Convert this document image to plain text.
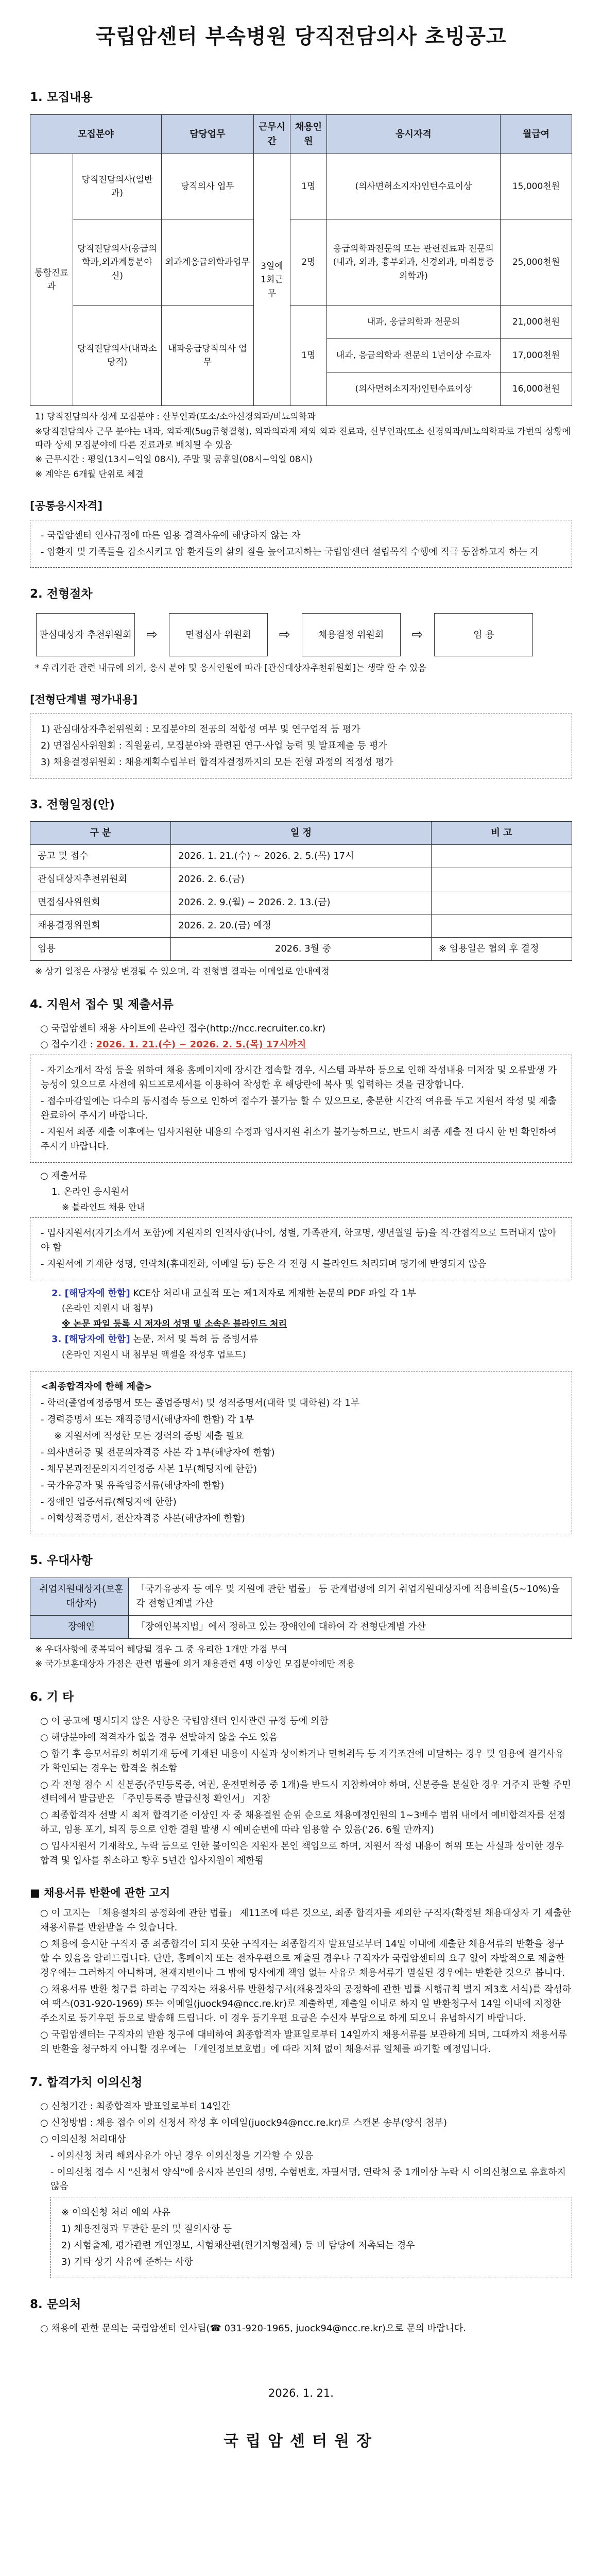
국립암센터 부속병원 당직전담의사 초빙공고
1. 모집내용
모집분야		담당업무	근무시간	채용인원	응시자격	월급여
통합진료과	당직전담의사(일반과)	당직의사 업무	3일에 1회근무	1명	(의사면허소지자)인턴수료이상	15,000천원
	당직전담의사(응급의학과,외과계통분야 신)	외과계응급의학과업무		2명	응급의학과전문의 또는 관련진료과 전문의(내과, 외과, 흉부외과, 신경외과, 마취통증의학과)	25,000천원
	당직전담의사(내과소당직)	내과응급당직의사 업무		1명	내과, 응급의학과 전문의	21,000천원
					내과, 응급의학과 전문의 1년이상 수료자	17,000천원
					(의사면허소지자)인턴수료이상	16,000천원
1) 당직전담의사 상세 모집분야 : 산부인과(또소/소아신경외과/비뇨의학과
※당직전담의사 근무 분야는 내과, 외과계(5ug류형결형), 외과의과계 제외 외과 진료과, 신부인과(또소 신경외과/비뇨의학과로 가번의 상황에 따라 상세 모집분야에 다른 진료과로 배치될 수 있음
※ 근무시간 : 평일(13시~익일 08시), 주말 및 공휴일(08시~익일 08시)
※ 계약은 6개월 단위로 체결
[공통응시자격]

- 국립암센터 인사규정에 따른 임용 결격사유에 해당하지 않는 자

- 암환자 및 가족들을 감소시키고 암 환자들의 삶의 질을 높이고자하는 국립암센터 설립목적 수행에 적극 동참하고자 하는 자

2. 전형절차
관심대상자 추천위원회 ⇨	면접심사 위원회	⇨	채용결정 위원회	⇨	임 용
* 우리기관 관련 내규에 의거, 응시 분야 및 응시인원에 따라 [관심대상자추천위원회]는 생략 할 수 있음
[전형단계별 평가내용]

1) 관심대상자추천위원회 : 모집분야의 전공의 적합성 여부 및 연구업적 등 평가

2) 면접심사위원회 : 직원윤리, 모집분야와 관련된 연구·사업 능력 및 발표제출 등 평가

3) 채용결정위원회 : 채용계획수립부터 합격자결정까지의 모든 전형 과정의 적정성 평가

3. 전형일정(안)
구 분	일 정	비 고
공고 및 접수	2026. 1. 21.(수) ~ 2026. 2. 5.(목) 17시	
관심대상자추천위원회	2026. 2. 6.(금)	
면접심사위원회	2026. 2. 9.(월) ~ 2026. 2. 13.(금)	
채용결정위원회	2026. 2. 20.(금) 예정	
임용	2026. 3월 중	※ 임용일은 협의 후 결정
※ 상기 일정은 사정상 변경될 수 있으며, 각 전형별 결과는 이메일로 안내예정
4. 지원서 접수 및 제출서류
○ 국립암센터 채용 사이트에 온라인 접수(http://ncc.recruiter.co.kr)
○ 접수기간 : 2026. 1. 21.(수) ~ 2026. 2. 5.(목) 17시까지

- 자기소개서 작성 등을 위하여 채용 홈페이지에 장시간 접속할 경우, 시스템 과부하 등으로 인해 작성내용 미저장 및 오류발생 가능성이 있으므로 사전에 워드프로세서를 이용하여 작성한 후 해당란에 복사 및 입력하는 것을 권장합니다.

- 접수마감일에는 다수의 동시접속 등으로 인하여 접수가 불가능 할 수 있으므로, 충분한 시간적 여유를 두고 지원서 작성 및 제출 완료하여 주시기 바랍니다.

- 지원서 최종 제출 이후에는 입사지원한 내용의 수정과 입사지원 취소가 불가능하므로, 반드시 최종 제출 전 다시 한 번 확인하여 주시기 바랍니다.

○ 제출서류
1. 온라인 응시원서
※ 블라인드 채용 안내

- 입사지원서(자기소개서 포함)에 지원자의 인적사항(나이, 성별, 가족관계, 학교명, 생년월일 등)을 직·간접적으로 드러내지 않아야 함

- 지원서에 기재한 성명, 연락처(휴대전화, 이메일 등) 등은 각 전형 시 블라인드 처리되며 평가에 반영되지 않음

2. [해당자에 한함] KCE상 처리내 교실적 또는 제1저자로 게재한 논문의 PDF 파일 각 1부
(온라인 지원시 내 첨부)
※ 논문 파일 등록 시 저자의 성명 및 소속은 블라인드 처리
3. [해당자에 한함] 논문, 저서 및 특허 등 증빙서류
(온라인 지원시 내 첨부된 액셀을 작성후 업로드)

<최종합격자에 한해 제출>

- 학력(졸업예정증명서 또는 졸업증명서) 및 성적증명서(대학 및 대학원) 각 1부

- 경력증명서 또는 재직증명서(해당자에 한함) 각 1부

※ 지원서에 작성한 모든 경력의 증빙 제출 필요

- 의사면허증 및 전문의자격증 사본 각 1부(해당자에 한함)

- 채무본과전문의자격인정증 사본 1부(해당자에 한함)

- 국가유공자 및 유족임증서류(해당자에 한함)

- 장애인 입증서류(해당자에 한함)

- 어학성적증명서, 전산자격증 사본(해당자에 한함)

5. 우대사항
취업지원대상자(보훈대상자)	「국가유공자 등 예우 및 지원에 관한 법률」 등 관계법령에 의거 취업지원대상자에 적용비율(5~10%)을 각 전형단계별 가산
장애인	「장애인복지법」에서 정하고 있는 장애인에 대하여 각 전형단계별 가산
※ 우대사항에 중복되어 해당될 경우 그 중 유리한 1개만 가점 부여
※ 국가보훈대상자 가점은 관련 법률에 의거 채용관련 4명 이상인 모집분야에만 적용
6. 기 타

○ 이 공고에 명시되지 않은 사항은 국립암센터 인사관련 규정 등에 의함

○ 해당분야에 적격자가 없을 경우 선발하지 않을 수도 있음

○ 합격 후 응모서류의 허위기재 등에 기재된 내용이 사실과 상이하거나 면허취득 등 자격조건에 미달하는 경우 및 임용에 결격사유가 확인되는 경우는 합격을 취소함

○ 각 전형 점수 시 신분증(주민등록증, 여권, 운전면허증 중 1개)을 반드시 지참하여야 하며, 신분증을 분실한 경우 거주지 관할 주민센터에서 발급받은 「주민등록증 발급신청 확인서」 지참

○ 최종합격자 선발 시 최저 합격기준 이상인 자 중 채용결원 순위 순으로 채용예정인원의 1~3배수 범위 내에서 예비합격자를 선정하고, 임용 포기, 퇴직 등으로 인한 결원 발생 시 예비순번에 따라 임용할 수 있음('26. 6월 만까지)

○ 입사지원서 기재착오, 누락 등으로 인한 불이익은 지원자 본인 책임으로 하며, 지원서 작성 내용이 허위 또는 사실과 상이한 경우 합격 및 입사를 취소하고 향후 5년간 입사지원이 제한됨

■ 채용서류 반환에 관한 고지

○ 이 고지는 「채용절차의 공정화에 관한 법률」 제11조에 따른 것으로, 최종 합격자를 제외한 구직자(확정된 채용대상자 기 제출한 채용서류를 반환받을 수 있습니다.

○ 채용에 응시한 구직자 중 최종합격이 되지 못한 구직자는 최종합격자 발표일로부터 14일 이내에 제출한 채용서류의 반환을 청구할 수 있음을 알려드립니다. 단만, 홈페이지 또는 전자우편으로 제출된 경우나 구직자가 국립암센터의 요구 없이 자발적으로 제출한 경우에는 그러하지 아니하며, 천재지변이나 그 밖에 당사에게 책임 없는 사유로 채용서류가 멸실된 경우에는 반환한 것으로 봅니다.

○ 채용서류 반환 청구를 하려는 구직자는 채용서류 반환청구서(채용절차의 공정화에 관한 법률 시행규칙 별지 제3호 서식)를 작성하여 팩스(031-920-1969) 또는 이메일(juock94@ncc.re.kr)로 제출하면, 제출일 이내로 하지 일 반환청구서 14일 이내에 지정한 주소지로 등기우편 등으로 발송해 드립니다. 이 경우 등기우편 요금은 수신자 부담으로 하게 되오니 유념하시기 바랍니다.

○ 국립암센터는 구직자의 반환 청구에 대비하여 최종합격자 발표일로부터 14일까지 채용서류를 보관하게 되며, 그때까지 채용서류의 반환을 청구하지 아니할 경우에는 「개인정보보호법」에 따라 지체 없이 채용서류 일체를 파기할 예정입니다.

7. 합격가치 이의신청

○ 신청기간 : 최종합격자 발표일로부터 14일간

○ 신청방법 : 채용 접수 이의 신청서 작성 후 이메일(juock94@ncc.re.kr)로 스캔본 송부(양식 첨부)

○ 이의신청 처리대상

- 이의신청 처리 해외사유가 아닌 경우 이의신청을 기각할 수 있음

- 이의신청 접수 시 "신청서 양식"에 응시자 본인의 성명, 수험번호, 자필서명, 연락처 중 1개이상 누락 시 이의신청으로 유효하지 않음

※ 이의신청 처리 예외 사유

1) 채용전형과 무관한 문의 및 질의사항 등

2) 시험출제, 평가관련 개인정보, 시험채산편(원기지형접체) 등 비 탐당에 저촉되는 경우

3) 기타 상기 사유에 준하는 사항

8. 문의처

○ 채용에 관한 문의는 국립암센터 인사팀(☎ 031-920-1965, juock94@ncc.re.kr)으로 문의 바랍니다.

2026. 1. 21.
국립암센터원장
